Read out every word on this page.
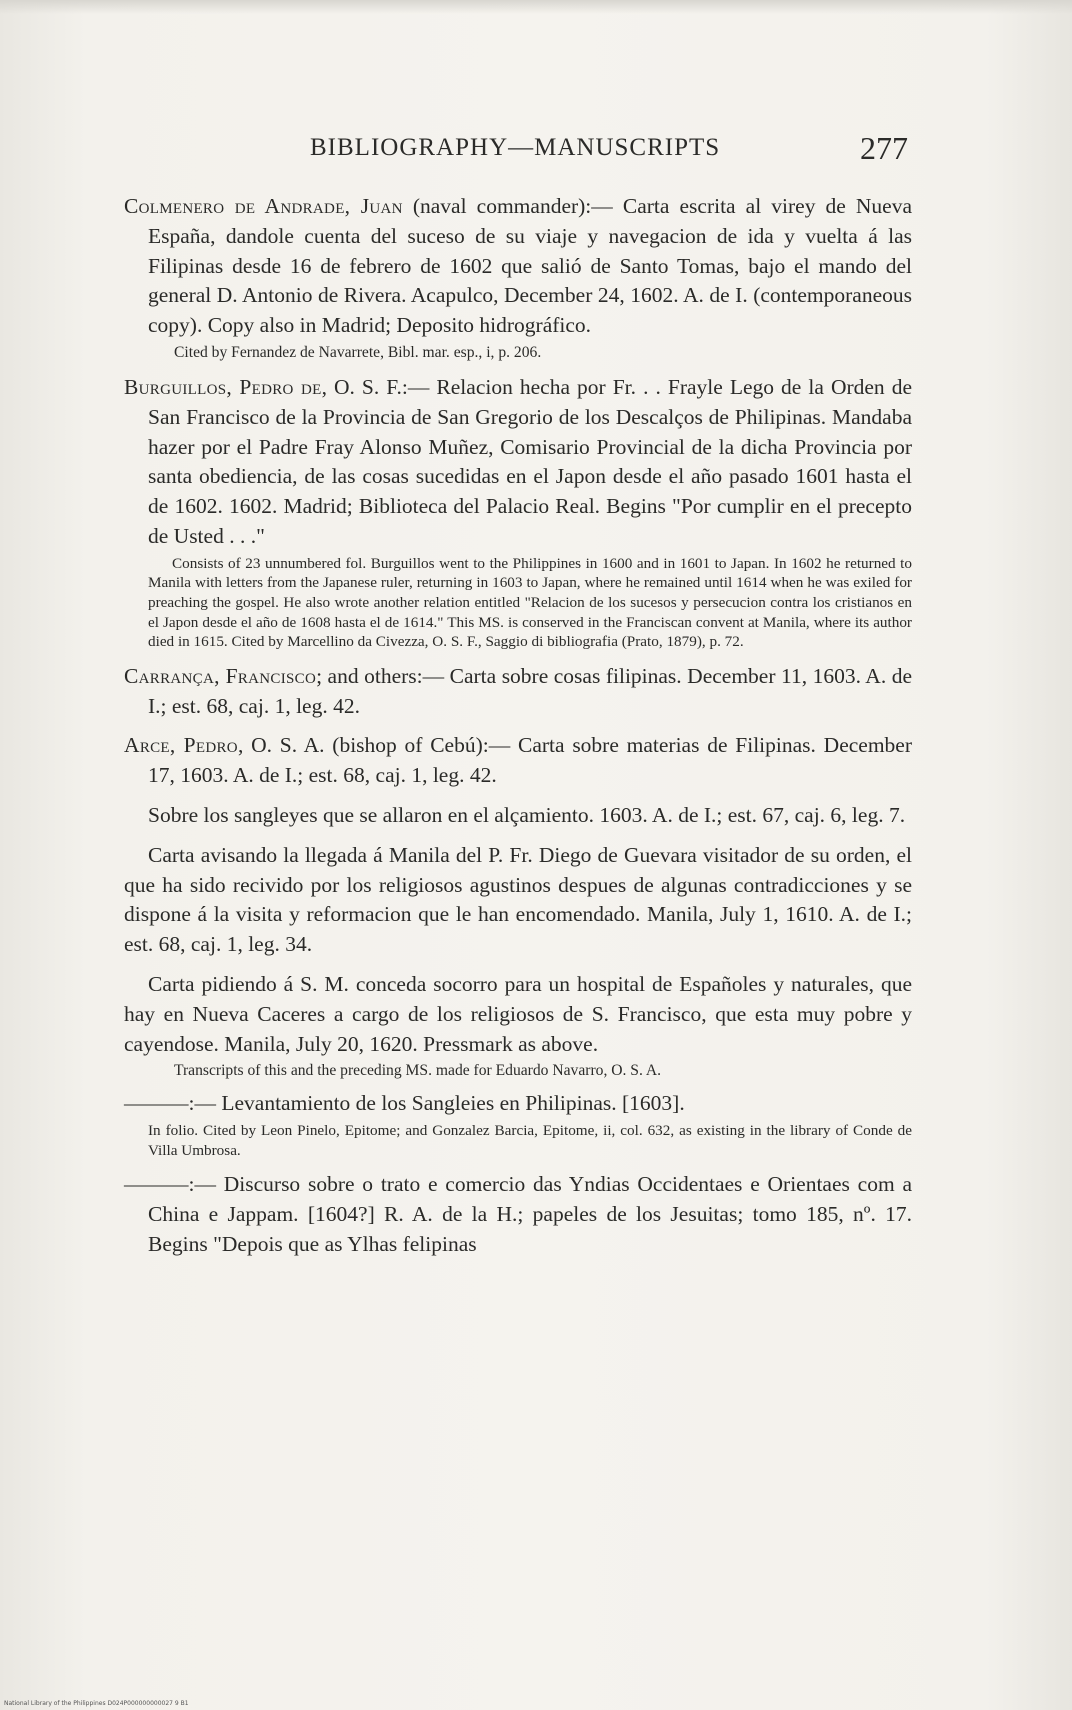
BIBLIOGRAPHY—MANUSCRIPTS	277
Colmenero de Andrade, Juan (naval commander):— Carta escrita al virey de Nueva España, dandole cuenta del suceso de su viaje y navegacion de ida y vuelta á las Filipinas desde 16 de febrero de 1602 que salió de Santo Tomas, bajo el mando del general D. Antonio de Rivera. Acapulco, December 24, 1602. A. de I. (contemporaneous copy). Copy also in Madrid; Deposito hidrográfico.
Cited by Fernandez de Navarrete, Bibl. mar. esp., i, p. 206.
Burguillos, Pedro de, O. S. F.:— Relacion hecha por Fr. . . Frayle Lego de la Orden de San Francisco de la Provincia de San Gregorio de los Descalços de Philipinas. Mandaba hazer por el Padre Fray Alonso Muñez, Comisario Provincial de la dicha Provincia por santa obediencia, de las cosas sucedidas en el Japon desde el año pasado 1601 hasta el de 1602. 1602. Madrid; Biblioteca del Palacio Real. Begins "Por cumplir en el precepto de Usted . . ."
Consists of 23 unnumbered fol. Burguillos went to the Philippines in 1600 and in 1601 to Japan. In 1602 he returned to Manila with letters from the Japanese ruler, returning in 1603 to Japan, where he remained until 1614 when he was exiled for preaching the gospel. He also wrote another relation entitled "Relacion de los sucesos y persecucion contra los cristianos en el Japon desde el año de 1608 hasta el de 1614." This MS. is conserved in the Franciscan convent at Manila, where its author died in 1615. Cited by Marcellino da Civezza, O. S. F., Saggio di bibliografia (Prato, 1879), p. 72.
Carrança, Francisco; and others:— Carta sobre cosas filipinas. December 11, 1603. A. de I.; est. 68, caj. 1, leg. 42.
Arce, Pedro, O. S. A. (bishop of Cebú):— Carta sobre materias de Filipinas. December 17, 1603. A. de I.; est. 68, caj. 1, leg. 42.
Sobre los sangleyes que se allaron en el alçamiento. 1603. A. de I.; est. 67, caj. 6, leg. 7.
Carta avisando la llegada á Manila del P. Fr. Diego de Guevara visitador de su orden, el que ha sido recivido por los religiosos agustinos despues de algunas contradicciones y se dispone á la visita y reformacion que le han encomendado. Manila, July 1, 1610. A. de I.; est. 68, caj. 1, leg. 34.
Carta pidiendo á S. M. conceda socorro para un hospital de Españoles y naturales, que hay en Nueva Caceres a cargo de los religiosos de S. Francisco, que esta muy pobre y cayendose. Manila, July 20, 1620. Pressmark as above.
Transcripts of this and the preceding MS. made for Eduardo Navarro, O. S. A.
———:— Levantamiento de los Sangleies en Philipinas. [1603].
In folio. Cited by Leon Pinelo, Epitome; and Gonzalez Barcia, Epitome, ii, col. 632, as existing in the library of Conde de Villa Umbrosa.
———:— Discurso sobre o trato e comercio das Yndias Occidentaes e Orientaes com a China e Jappam. [1604?] R. A. de la H.; papeles de los Jesuitas; tomo 185, nº. 17. Begins "Depois que as Ylhas felipinas
National Library of the Philippines D024P000000000027 9 B1
